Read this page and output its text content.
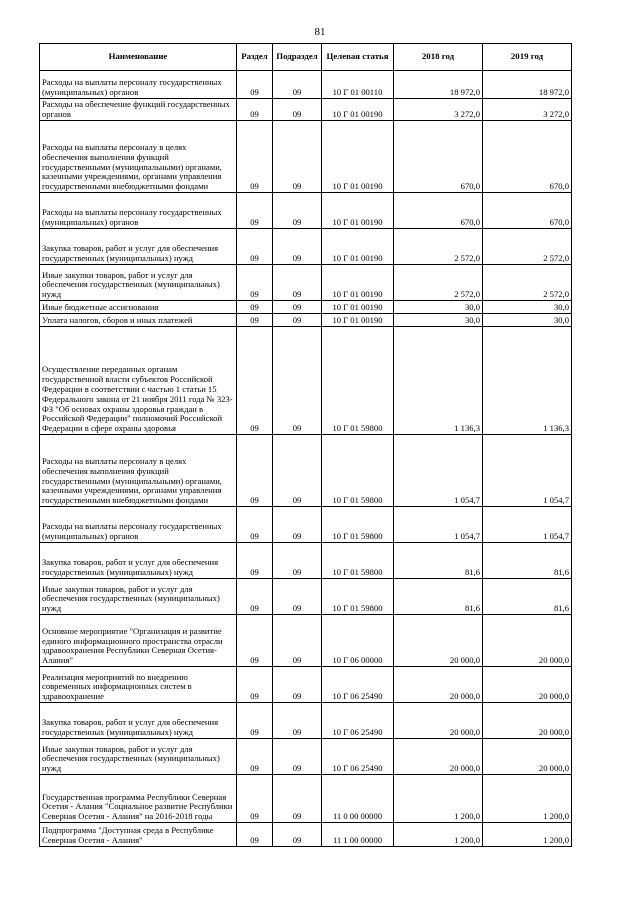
81
Наименование	Раздел	Подраздел	Целевая статья	2018 год	2019 год
Расходы на выплаты персоналу государственных (муниципальных) органов	09	09	10 Г 01 00110	18 972,0	18 972,0
Расходы на обеспечение функций государственных органов	09	09	10 Г 01 00190	3 272,0	3 272,0
Расходы на выплаты персоналу в целях обеспечения выполнения функций государственными (муниципальными) органами, казенными учреждениями, органами управления государственными внебюджетными фондами	09	09	10 Г 01 00190	670,0	670,0
Расходы на выплаты персоналу государственных (муниципальных) органов	09	09	10 Г 01 00190	670,0	670,0
Закупка товаров, работ и услуг для обеспечения государственных (муниципальных) нужд	09	09	10 Г 01 00190	2 572,0	2 572,0
Иные закупки товаров, работ и услуг для обеспечения государственных (муниципальных) нужд	09	09	10 Г 01 00190	2 572,0	2 572,0
Иные бюджетные ассигнования	09	09	10 Г 01 00190	30,0	30,0
Уплата налогов, сборов и иных платежей	09	09	10 Г 01 00190	30,0	30,0
Осуществление переданных органам государственной власти субъектов Российской Федерации в соответствии с частью 1 статьи 15 Федерального закона от 21 ноября 2011 года № 323-ФЗ "Об основах охраны здоровья граждан в Российской Федерации" полномочий Российской Федерации в сфере охраны здоровья	09	09	10 Г 01 59800	1 136,3	1 136,3
Расходы на выплаты персоналу в целях обеспечения выполнения функций государственными (муниципальными) органами, казенными учреждениями, органами управления государственными внебюджетными фондами	09	09	10 Г 01 59800	1 054,7	1 054,7
Расходы на выплаты персоналу государственных (муниципальных) органов	09	09	10 Г 01 59800	1 054,7	1 054,7
Закупка товаров, работ и услуг для обеспечения государственных (муниципальных) нужд	09	09	10 Г 01 59800	81,6	81,6
Иные закупки товаров, работ и услуг для обеспечения государственных (муниципальных) нужд	09	09	10 Г 01 59800	81,6	81,6
Основное мероприятие "Организация и развитие единого информационного пространства отрасли здравоохранения Республики Северная Осетия-Алания"	09	09	10 Г 06 00000	20 000,0	20 000,0
Реализация мероприятий по внедрению современных информационных систем в здравоохранение	09	09	10 Г 06 25490	20 000,0	20 000,0
Закупка товаров, работ и услуг для обеспечения государственных (муниципальных) нужд	09	09	10 Г 06 25490	20 000,0	20 000,0
Иные закупки товаров, работ и услуг для обеспечения государственных (муниципальных) нужд	09	09	10 Г 06 25490	20 000,0	20 000,0
Государственная программа Республики Северная Осетия - Алания "Социальное развитие Республики Северная Осетия - Алания" на 2016-2018 годы	09	09	11 0 00 00000	1 200,0	1 200,0
Подпрограмма "Доступная среда в Республике Северная Осетия - Алания"	09	09	11 1 00 00000	1 200,0	1 200,0
